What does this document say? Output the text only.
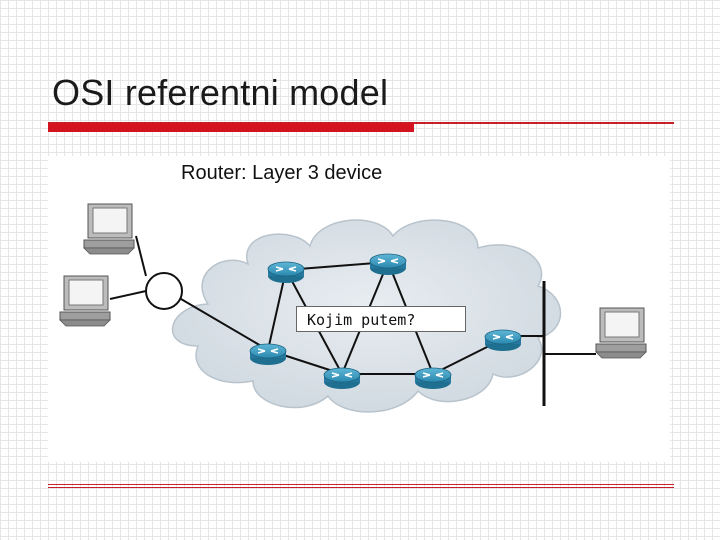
OSI referentni model
Router: Layer 3 device
Kojim putem?
